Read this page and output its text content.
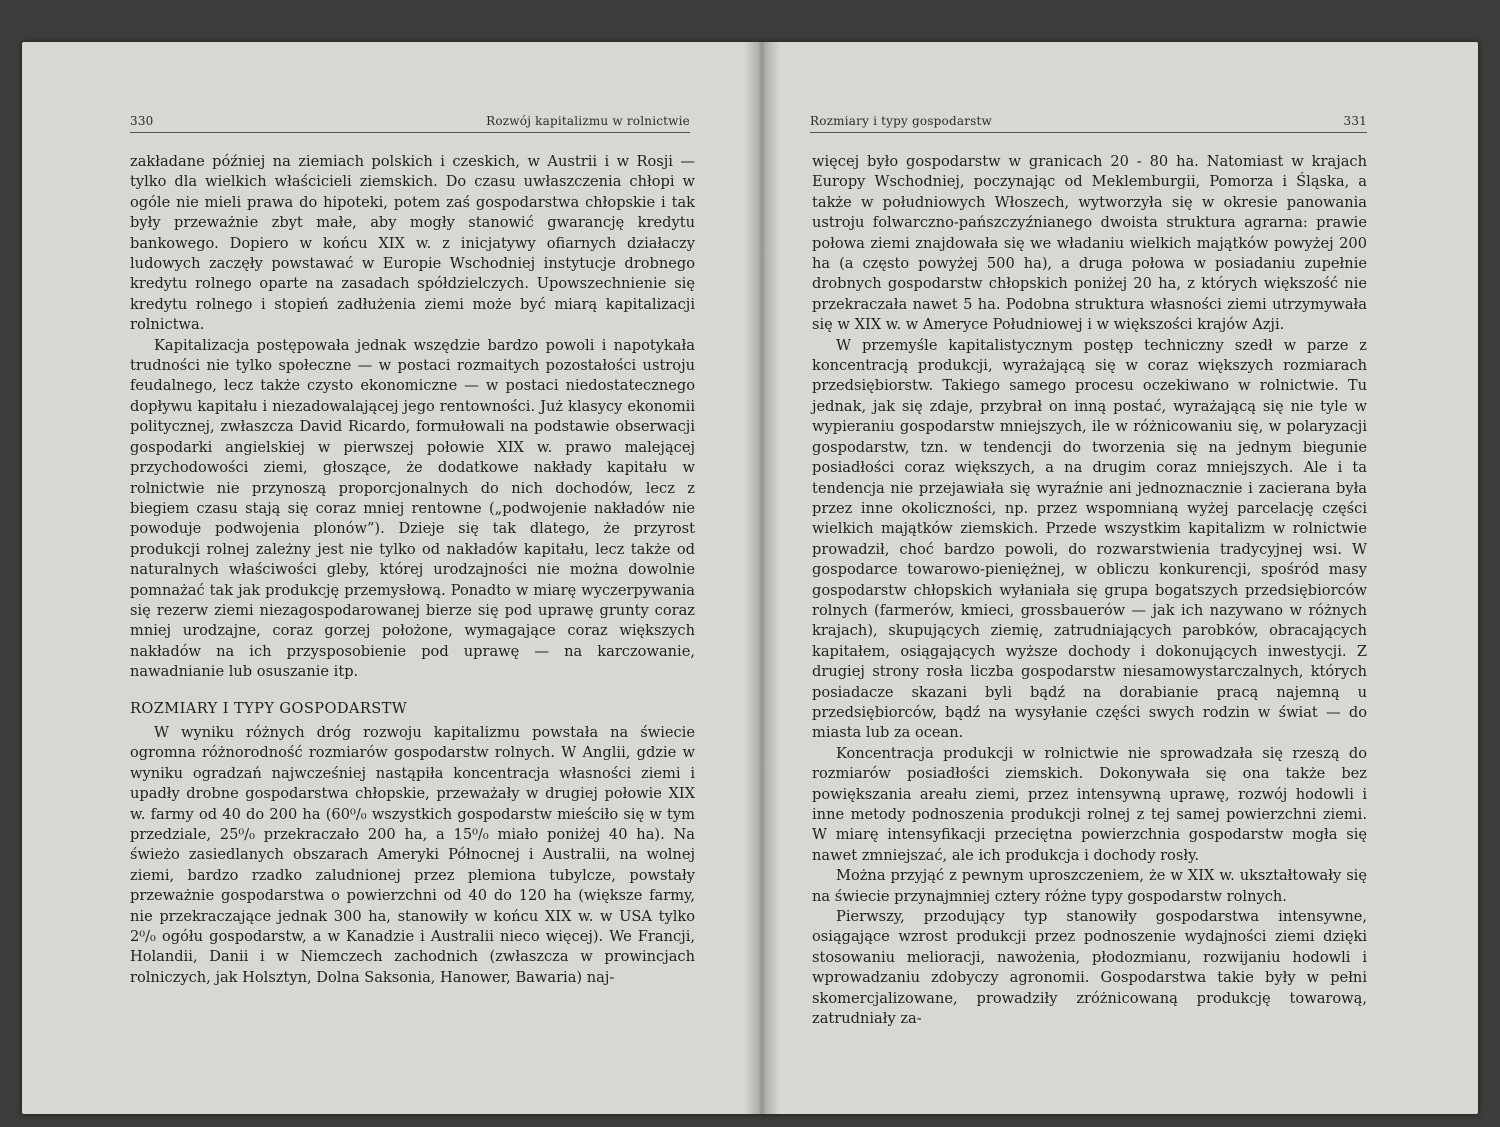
330	Rozwój kapitalizmu w rolnictwie

zakładane później na ziemiach polskich i czeskich, w Austrii i w Rosji — tylko dla wielkich właścicieli ziemskich. Do czasu uwłaszczenia chłopi w ogóle nie mieli prawa do hipoteki, potem zaś gospodarstwa chłopskie i tak były przeważnie zbyt małe, aby mogły stanowić gwarancję kredytu bankowego. Dopiero w końcu XIX w. z inicjatywy ofiarnych działaczy ludowych zaczęły powstawać w Europie Wschodniej instytucje drobnego kredytu rolnego oparte na zasadach spółdzielczych. Upowszechnienie się kredytu rolnego i stopień zadłużenia ziemi może być miarą kapitalizacji rolnictwa.

Kapitalizacja postępowała jednak wszędzie bardzo powoli i napotykała trudności nie tylko społeczne — w postaci rozmaitych pozostałości ustroju feudalnego, lecz także czysto ekonomiczne — w postaci niedostatecznego dopływu kapitału i niezadowalającej jego rentowności. Już klasycy ekonomii politycznej, zwłaszcza David Ricardo, formułowali na podstawie obserwacji gospodarki angielskiej w pierwszej połowie XIX w. prawo malejącej przychodowości ziemi, głoszące, że dodatkowe nakłady kapitału w rolnictwie nie przynoszą proporcjonalnych do nich dochodów, lecz z biegiem czasu stają się coraz mniej rentowne („podwojenie nakładów nie powoduje podwojenia plonów”). Dzieje się tak dlatego, że przyrost produkcji rolnej zależny jest nie tylko od nakładów kapitału, lecz także od naturalnych właściwości gleby, której urodzajności nie można dowolnie pomnażać tak jak produkcję przemysłową. Ponadto w miarę wyczerpywania się rezerw ziemi niezagospodarowanej bierze się pod uprawę grunty coraz mniej urodzajne, coraz gorzej położone, wymagające coraz większych nakładów na ich przysposobienie pod uprawę — na karczowanie, nawadnianie lub osuszanie itp.

ROZMIARY I TYPY GOSPODARSTW

W wyniku różnych dróg rozwoju kapitalizmu powstała na świecie ogromna różnorodność rozmiarów gospodarstw rolnych. W Anglii, gdzie w wyniku ogradzań najwcześniej nastąpiła koncentracja własności ziemi i upadły drobne gospodarstwa chłopskie, przeważały w drugiej połowie XIX w. farmy od 40 do 200 ha (60⁰/₀ wszystkich gospodarstw mieściło się w tym przedziale, 25⁰/₀ przekraczało 200 ha, a 15⁰/₀ miało poniżej 40 ha). Na świeżo zasiedlanych obszarach Ameryki Północnej i Australii, na wolnej ziemi, bardzo rzadko zaludnionej przez plemiona tubylcze, powstały przeważnie gospodarstwa o powierzchni od 40 do 120 ha (większe farmy, nie przekraczające jednak 300 ha, stanowiły w końcu XIX w. w USA tylko 2⁰/₀ ogółu gospodarstw, a w Kanadzie i Australii nieco więcej). We Francji, Holandii, Danii i w Niemczech zachodnich (zwłaszcza w prowincjach rolniczych, jak Holsztyn, Dolna Saksonia, Hanower, Bawaria) naj-

Rozmiary i typy gospodarstw	331

więcej było gospodarstw w granicach 20 - 80 ha. Natomiast w krajach Europy Wschodniej, poczynając od Meklemburgii, Pomorza i Śląska, a także w południowych Włoszech, wytworzyła się w okresie panowania ustroju folwarczno-pańszczyźnianego dwoista struktura agrarna: prawie połowa ziemi znajdowała się we władaniu wielkich majątków powyżej 200 ha (a często powyżej 500 ha), a druga połowa w posiadaniu zupełnie drobnych gospodarstw chłopskich poniżej 20 ha, z których większość nie przekraczała nawet 5 ha. Podobna struktura własności ziemi utrzymywała się w XIX w. w Ameryce Południowej i w większości krajów Azji.

W przemyśle kapitalistycznym postęp techniczny szedł w parze z koncentracją produkcji, wyrażającą się w coraz większych rozmiarach przedsiębiorstw. Takiego samego procesu oczekiwano w rolnictwie. Tu jednak, jak się zdaje, przybrał on inną postać, wyrażającą się nie tyle w wypieraniu gospodarstw mniejszych, ile w różnicowaniu się, w polaryzacji gospodarstw, tzn. w tendencji do tworzenia się na jednym biegunie posiadłości coraz większych, a na drugim coraz mniejszych. Ale i ta tendencja nie przejawiała się wyraźnie ani jednoznacznie i zacierana była przez inne okoliczności, np. przez wspomnianą wyżej parcelację części wielkich majątków ziemskich. Przede wszystkim kapitalizm w rolnictwie prowadził, choć bardzo powoli, do rozwarstwienia tradycyjnej wsi. W gospodarce towarowo-pieniężnej, w obliczu konkurencji, spośród masy gospodarstw chłopskich wyłaniała się grupa bogatszych przedsiębiorców rolnych (farmerów, kmieci, grossbauerów — jak ich nazywano w różnych krajach), skupujących ziemię, zatrudniających parobków, obracających kapitałem, osiągających wyższe dochody i dokonujących inwestycji. Z drugiej strony rosła liczba gospodarstw niesamowystarczalnych, których posiadacze skazani byli bądź na dorabianie pracą najemną u przedsiębiorców, bądź na wysyłanie części swych rodzin w świat — do miasta lub za ocean.

Koncentracja produkcji w rolnictwie nie sprowadzała się rzeszą do rozmiarów posiadłości ziemskich. Dokonywała się ona także bez powiększania areału ziemi, przez intensywną uprawę, rozwój hodowli i inne metody podnoszenia produkcji rolnej z tej samej powierzchni ziemi. W miarę intensyfikacji przeciętna powierzchnia gospodarstw mogła się nawet zmniejszać, ale ich produkcja i dochody rosły.

Można przyjąć z pewnym uproszczeniem, że w XIX w. ukształtowały się na świecie przynajmniej cztery różne typy gospodarstw rolnych.

Pierwszy, przodujący typ stanowiły gospodarstwa intensywne, osiągające wzrost produkcji przez podnoszenie wydajności ziemi dzięki stosowaniu melioracji, nawożenia, płodozmianu, rozwijaniu hodowli i wprowadzaniu zdobyczy agronomii. Gospodarstwa takie były w pełni skomercjalizowane, prowadziły zróżnicowaną produkcję towarową, zatrudniały za-
